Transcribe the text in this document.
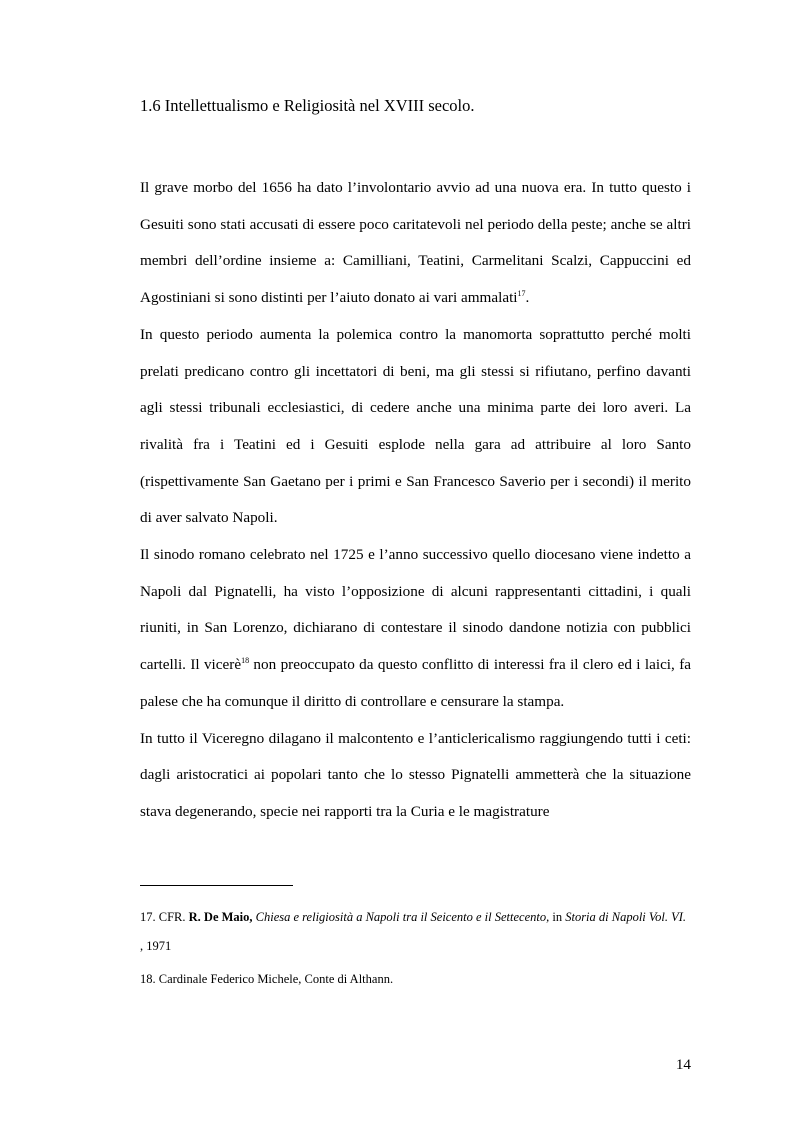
1.6 Intellettualismo e Religiosità nel XVIII secolo.

Il grave morbo del 1656 ha dato l’involontario avvio ad una nuova era. In tutto questo i Gesuiti sono stati accusati di essere poco caritatevoli nel periodo della peste; anche se altri membri dell’ordine insieme a: Camilliani, Teatini, Carmelitani Scalzi, Cappuccini ed Agostiniani si sono distinti per l’aiuto donato ai vari ammalati$^{17}$.

In questo periodo aumenta la polemica contro la manomorta soprattutto perché molti prelati predicano contro gli incettatori di beni, ma gli stessi si rifiutano, perfino davanti agli stessi tribunali ecclesiastici, di cedere anche una minima parte dei loro averi. La rivalità fra i Teatini ed i Gesuiti esplode nella gara ad attribuire al loro Santo (rispettivamente San Gaetano per i primi e San Francesco Saverio per i secondi) il merito di aver salvato Napoli.

Il sinodo romano celebrato nel 1725 e l’anno successivo quello diocesano viene indetto a Napoli dal Pignatelli, ha visto l’opposizione di alcuni rappresentanti cittadini, i quali riuniti, in San Lorenzo, dichiarano di contestare il sinodo dandone notizia con pubblici cartelli. Il vicerè$^{18}$ non preoccupato da questo conflitto di interessi fra il clero ed i laici, fa palese che ha comunque il diritto di controllare e censurare la stampa.

In tutto il Viceregno dilagano il malcontento e l’anticlericalismo raggiungendo tutti i ceti: dagli aristocratici ai popolari tanto che lo stesso Pignatelli ammetterà che la situazione stava degenerando, specie nei rapporti tra la Curia e le magistrature

17. CFR. R. De Maio, Chiesa e religiosità a Napoli tra il Seicento e il Settecento, in Storia di Napoli Vol. VI. , 1971

18. Cardinale Federico Michele, Conte di Althann.

14
